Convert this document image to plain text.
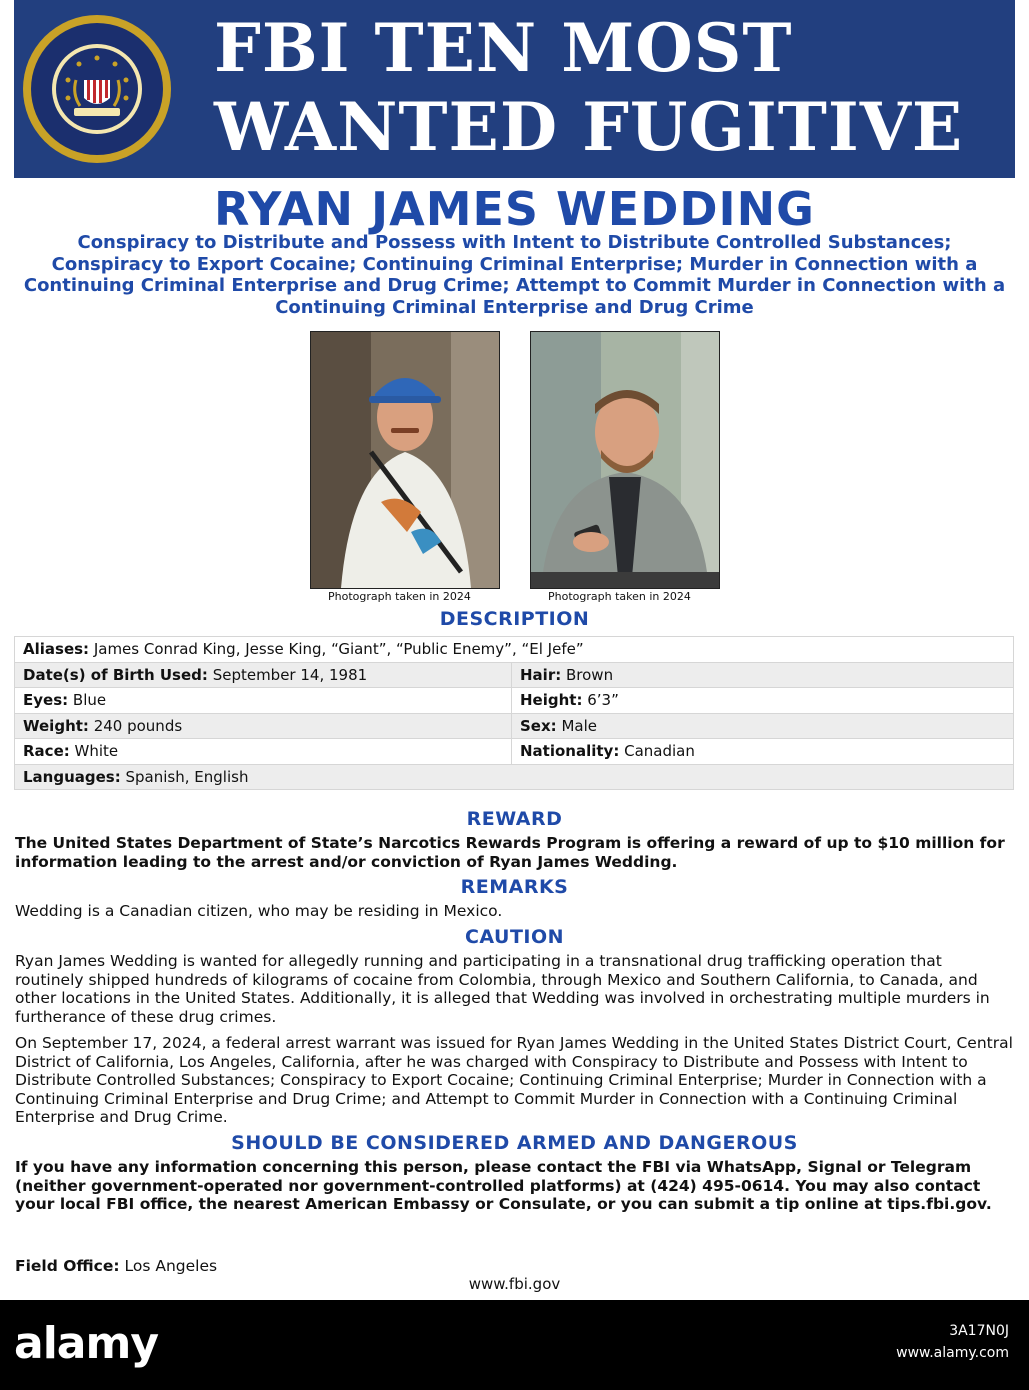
FBI TEN MOST
WANTED FUGITIVE
RYAN JAMES WEDDING
Conspiracy to Distribute and Possess with Intent to Distribute Controlled Substances; Conspiracy to Export Cocaine; Continuing Criminal Enterprise; Murder in Connection with a Continuing Criminal Enterprise and Drug Crime; Attempt to Commit Murder in Connection with a Continuing Criminal Enterprise and Drug Crime
Photograph taken in 2024	Photograph taken in 2024
DESCRIPTION
Aliases: James Conrad King, Jesse King, “Giant”, “Public Enemy”, “El Jefe”	
Date(s) of Birth Used: September 14, 1981	Hair: Brown
Eyes: Blue	Height: 6’3”
Weight: 240 pounds	Sex: Male
Race: White	Nationality: Canadian
Languages: Spanish, English	
REWARD
The United States Department of State’s Narcotics Rewards Program is offering a reward of up to $10 million for information leading to the arrest and/or conviction of Ryan James Wedding.
REMARKS
Wedding is a Canadian citizen, who may be residing in Mexico.
CAUTION
Ryan James Wedding is wanted for allegedly running and participating in a transnational drug trafficking operation that routinely shipped hundreds of kilograms of cocaine from Colombia, through Mexico and Southern California, to Canada, and other locations in the United States. Additionally, it is alleged that Wedding was involved in orchestrating multiple murders in furtherance of these drug crimes.
On September 17, 2024, a federal arrest warrant was issued for Ryan James Wedding in the United States District Court, Central District of California, Los Angeles, California, after he was charged with Conspiracy to Distribute and Possess with Intent to Distribute Controlled Substances; Conspiracy to Export Cocaine; Continuing Criminal Enterprise; Murder in Connection with a Continuing Criminal Enterprise and Drug Crime; and Attempt to Commit Murder in Connection with a Continuing Criminal Enterprise and Drug Crime.
SHOULD BE CONSIDERED ARMED AND DANGEROUS
If you have any information concerning this person, please contact the FBI via WhatsApp, Signal or Telegram (neither government-operated nor government-controlled platforms) at (424) 495-0614. You may also contact your local FBI office, the nearest American Embassy or Consulate, or you can submit a tip online at tips.fbi.gov.
Field Office: Los Angeles
www.fbi.gov
alamy	3A17N0J
www.alamy.com
